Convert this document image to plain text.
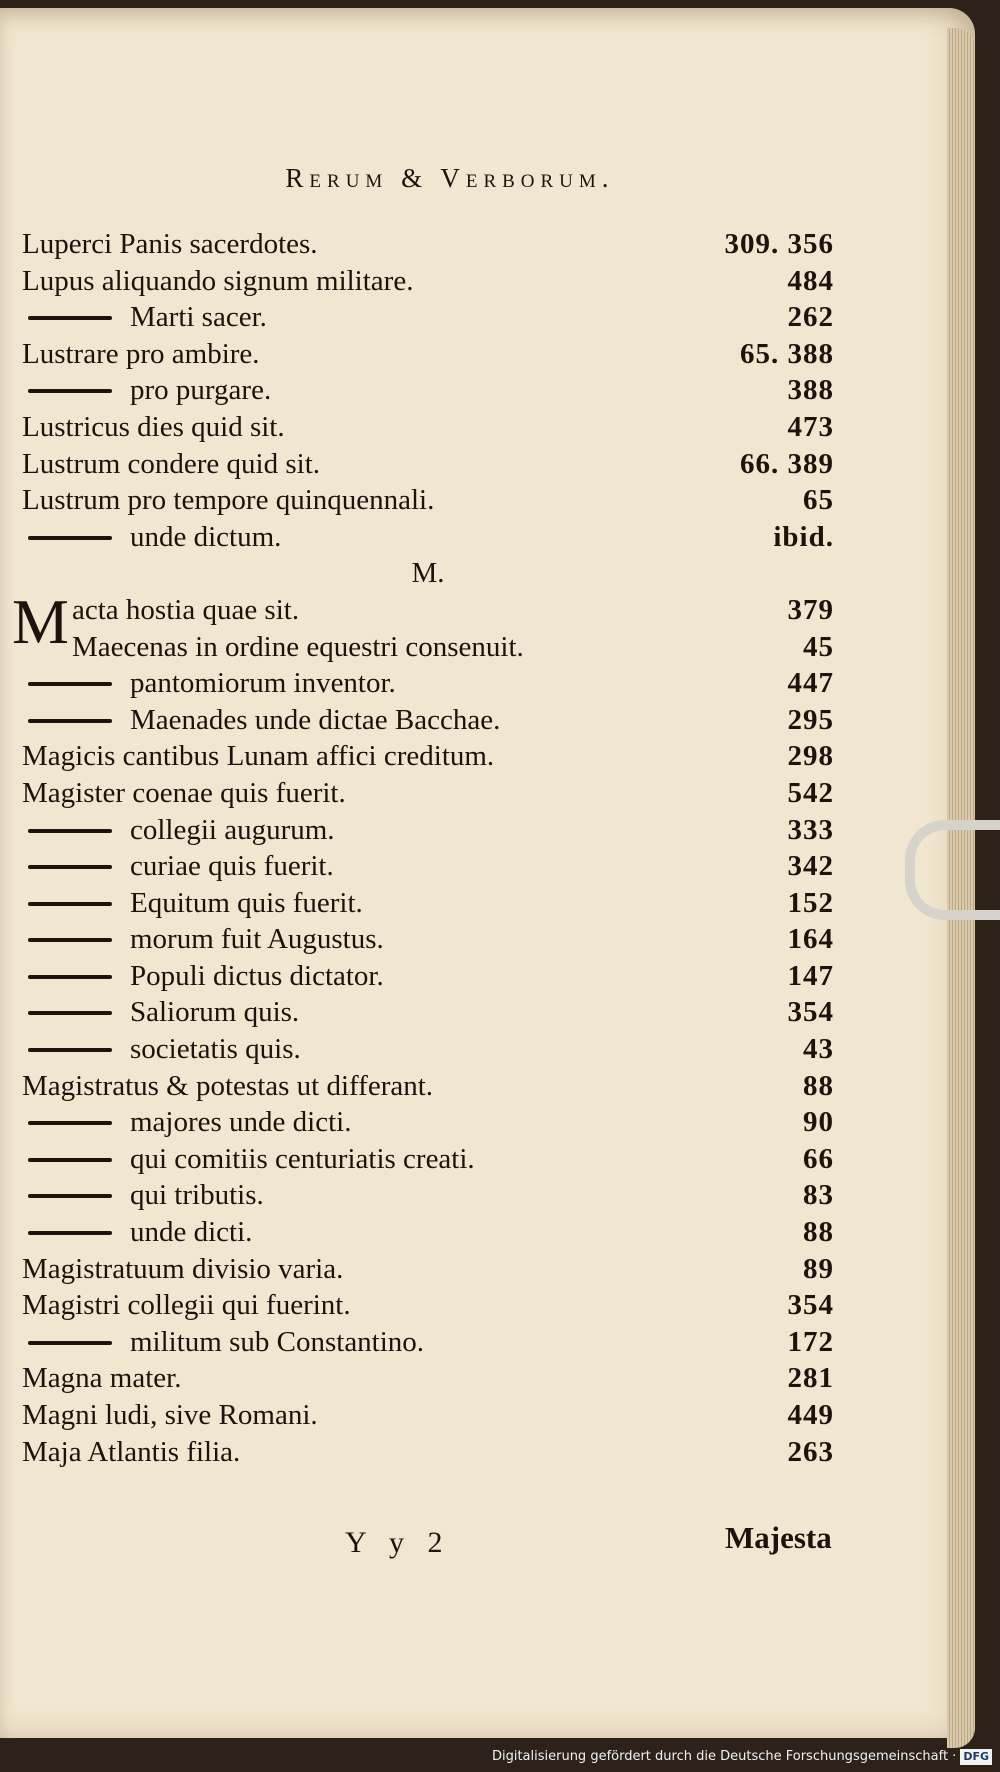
Rerum & Verborum.
Luperci Panis sacerdotes.	309. 356
Lupus aliquando signum militare.	484
Marti sacer.	262
Lustrare pro ambire.	65. 388
pro purgare.	388
Lustricus dies quid sit.	473
Lustrum condere quid sit.	66. 389
Lustrum pro tempore quinquennali.	65
unde dictum.	ibid.
M.
M acta hostia quae sit.	379
Maecenas in ordine equestri consenuit.	45
pantomiorum inventor.	447
Maenades unde dictae Bacchae.	295
Magicis cantibus Lunam affici creditum.	298
Magister coenae quis fuerit.	542
collegii augurum.	333
curiae quis fuerit.	342
Equitum quis fuerit.	152
morum fuit Augustus.	164
Populi dictus dictator.	147
Saliorum quis.	354
societatis quis.	43
Magistratus & potestas ut differant.	88
majores unde dicti.	90
qui comitiis centuriatis creati.	66
qui tributis.	83
unde dicti.	88
Magistratuum divisio varia.	89
Magistri collegii qui fuerint.	354
militum sub Constantino.	172
Magna mater.	281
Magni ludi, sive Romani.	449
Maja Atlantis filia.	263
Y y 2	Majesta
Digitalisierung gefördert durch die Deutsche Forschungsgemeinschaft · DFG
